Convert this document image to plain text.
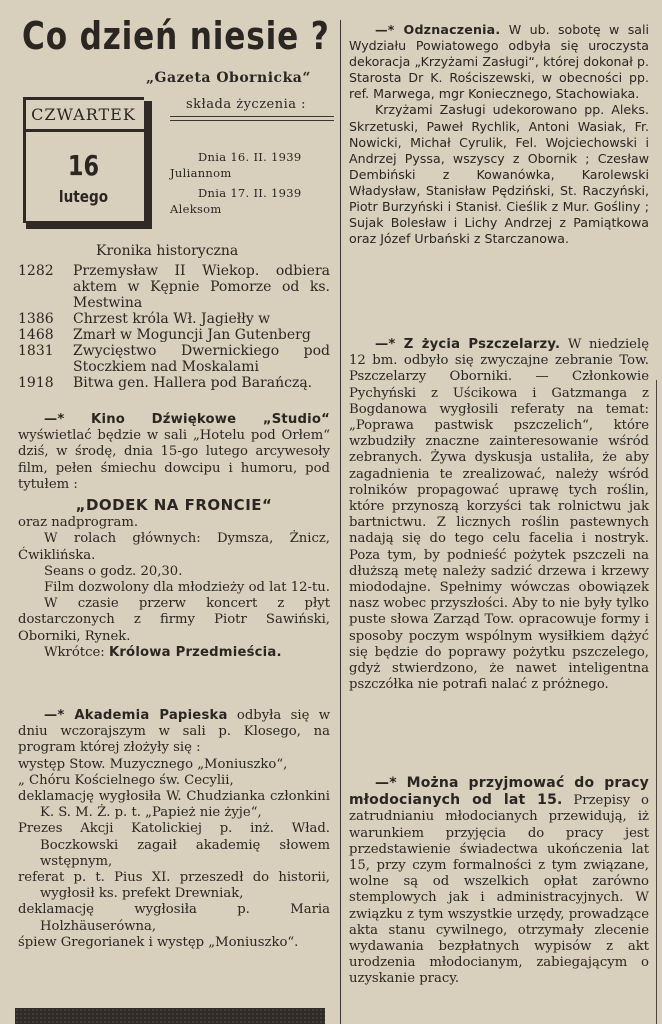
Co dzień niesie ?
„Gazeta Obornicka“
składa życzenia :
CZWARTEK
16
lutego
Dnia 16. II. 1939
Juliannom
Dnia 17. II. 1939
Aleksom
Kronika historyczna
1282	Przemysław II Wiekop. odbiera aktem w Kępnie Pomorze od ks. Mestwina
1386	Chrzest króla Wł. Jagiełły w
1468	Zmarł w Moguncji Jan Gutenberg
1831	Zwycięstwo Dwernickiego pod Stoczkiem nad Moskalami
1918	Bitwa gen. Hallera pod Barańczą.

—* Kino Dźwiękowe „Studio“ wyświetlać będzie w sali „Hotelu pod Orłem“ dziś, w środę, dnia 15-go lutego arcywesoły film, pełen śmiechu dowcipu i humoru, pod tytułem :

„DODEK NA FRONCIE“

oraz nadprogram.

W rolach głównych: Dymsza, Żnicz, Ćwiklińska.

Seans o godz. 20,30.

Film dozwolony dla młodzieży od lat 12-tu.

W czasie przerw koncert z płyt dostarczonych z firmy Piotr Sawiński, Oborniki, Rynek.

Wkrótce: Królowa Przedmieścia.

—* Akademia Papieska odbyła się w dniu wczorajszym w sali p. Klosego, na program której złożyły się :

występ Stow. Muzycznego „Moniuszko“,

„ Chóru Kościelnego św. Cecylii,

deklamację wygłosiła W. Chudzianka członkini K. S. M. Ż. p. t. „Papież nie żyje“,

Prezes Akcji Katolickiej p. inż. Wład. Boczkowski zagaił akademię słowem wstępnym,

referat p. t. Pius XI. przeszedł do historii, wygłosił ks. prefekt Drewniak,

deklamację wygłosiła p. Maria Holzhäuserówna,

śpiew Gregorianek i występ „Moniuszko“.

—* Odznaczenia. W ub. sobotę w sali Wydziału Powiatowego odbyła się uroczysta dekoracja „Krzyżami Zasługi“, której dokonał p. Starosta Dr K. Rościszewski, w obecności pp. ref. Marwega, mgr Koniecznego, Stachowiaka.

Krzyżami Zasługi udekorowano pp. Aleks. Skrzetuski, Paweł Rychlik, Antoni Wasiak, Fr. Nowicki, Michał Cyrulik, Fel. Wojciechowski i Andrzej Pyssa, wszyscy z Obornik ; Czesław Dembiński z Kowanówka, Karolewski Władysław, Stanisław Pędziński, St. Raczyński, Piotr Burzyński i Stanisł. Cieślik z Mur. Gośliny ; Sujak Bolesław i Lichy Andrzej z Pamiątkowa oraz Józef Urbański z Starczanowa.

—* Z życia Pszczelarzy. W niedzielę 12 bm. odbyło się zwyczajne zebranie Tow. Pszczelarzy Oborniki. — Członkowie Pychyński z Uścikowa i Gatzmanga z Bogdanowa wygłosili referaty na temat: „Poprawa pastwisk pszczelich“, które wzbudziły znaczne zainteresowanie wśród zebranych. Żywa dyskusja ustaliła, że aby zagadnienia te zrealizować, należy wśród rolników propagować uprawę tych roślin, które przynoszą korzyści tak rolnictwu jak bartnictwu. Z licznych roślin pastewnych nadają się do tego celu facelia i nostryk. Poza tym, by podnieść pożytek pszczeli na dłuższą metę należy sadzić drzewa i krzewy miododajne. Spełnimy wówczas obowiązek nasz wobec przyszłości. Aby to nie były tylko puste słowa Zarząd Tow. opracowuje formy i sposoby poczym wspólnym wysiłkiem dążyć się będzie do poprawy pożytku pszczelego, gdyż stwierdzono, że nawet inteligentna pszczółka nie potrafi nalać z próżnego.

—* Można przyjmować do pracy młodocianych od lat 15. Przepisy o zatrudnianiu młodocianych przewidują, iż warunkiem przyjęcia do pracy jest przedstawienie świadectwa ukończenia lat 15, przy czym formalności z tym związane, wolne są od wszelkich opłat zarówno stemplowych jak i administracyjnych. W związku z tym wszystkie urzędy, prowadzące akta stanu cywilnego, otrzymały zlecenie wydawania bezpłatnych wypisów z akt urodzenia młodocianym, zabiegającym o uzyskanie pracy.
